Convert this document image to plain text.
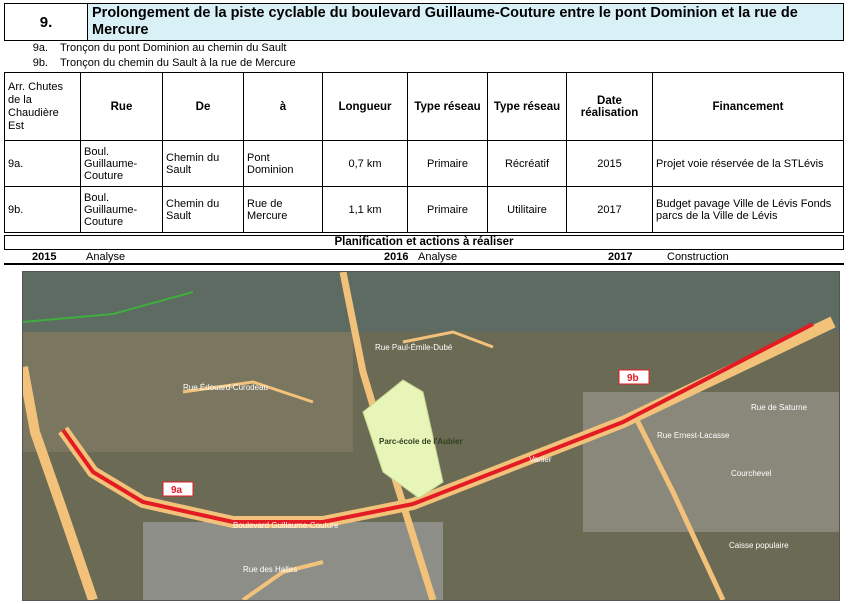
9.
Prolongement de la piste cyclable du boulevard Guillaume-Couture entre le pont Dominion et la rue de Mercure
9a.	Tronçon du pont Dominion au chemin du Sault
9b.	Tronçon du chemin du Sault à la rue de Mercure
Arr. Chutes de la Chaudière Est	Rue	De	à	Longueur	Type réseau	Type réseau	Date réalisation	Financement
9a.	Boul. Guillaume-Couture	Chemin du Sault	Pont Dominion	0,7 km	Primaire	Récréatif	2015	Projet voie réservée de la STLévis
9b.	Boul. Guillaume-Couture	Chemin du Sault	Rue de Mercure	1,1 km	Primaire	Utilitaire	2017	Budget pavage Ville de Lévis Fonds parcs de la Ville de Lévis
Planification et actions à réaliser
2015	Analyse	2016 Analyse	2017	Construction
9a
9b
Parc-école de l'Aubier
Boulevard Guillaume-Couture
Rue Paul-Émile-Dubé
Rue Édouard-Curodeau
Rue des Halles
Rue de Saturne
Rue Ernest-Lacasse
Vanier
Courchevel
Caisse populaire
